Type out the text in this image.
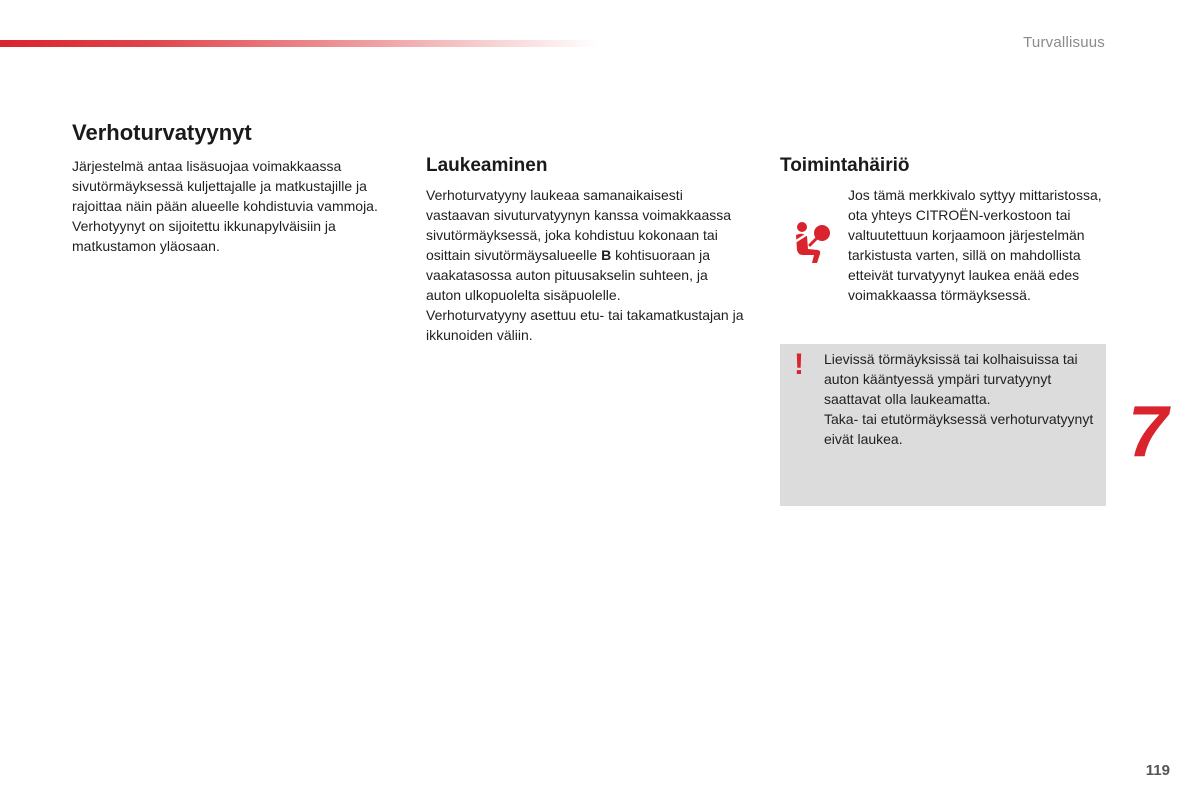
Turvallisuus
Verhoturvatyynyt

Järjestelmä antaa lisäsuojaa voimakkaassa sivutörmäyksessä kuljettajalle ja matkustajille ja rajoittaa näin pään alueelle kohdistuvia vammoja.

Verhotyynyt on sijoitettu ikkunapylväisiin ja matkustamon yläosaan.

Laukeaminen

Verhoturvatyyny laukeaa samanaikaisesti vastaavan sivuturvatyynyn kanssa voimakkaassa sivutörmäyksessä, joka kohdistuu kokonaan tai osittain sivutörmäysalueelle B kohtisuoraan ja vaakatasossa auton pituusakselin suhteen, ja auton ulkopuolelta sisäpuolelle.

Verhoturvatyyny asettuu etu- tai takamatkustajan ja ikkunoiden väliin.

Toimintahäiriö

Jos tämä merkkivalo syttyy mittaristossa, ota yhteys CITROËN-verkostoon tai valtuutettuun korjaamoon järjestelmän tarkistusta varten, sillä on mahdollista etteivät turvatyynyt laukea enää edes voimakkaassa törmäyksessä.

! Lievissä törmäyksissä tai kolhaisuissa tai auton kääntyessä ympäri turvatyynyt saattavat olla laukeamatta.

Taka- tai etutörmäyksessä verhoturvatyynyt eivät laukea.	7
119
